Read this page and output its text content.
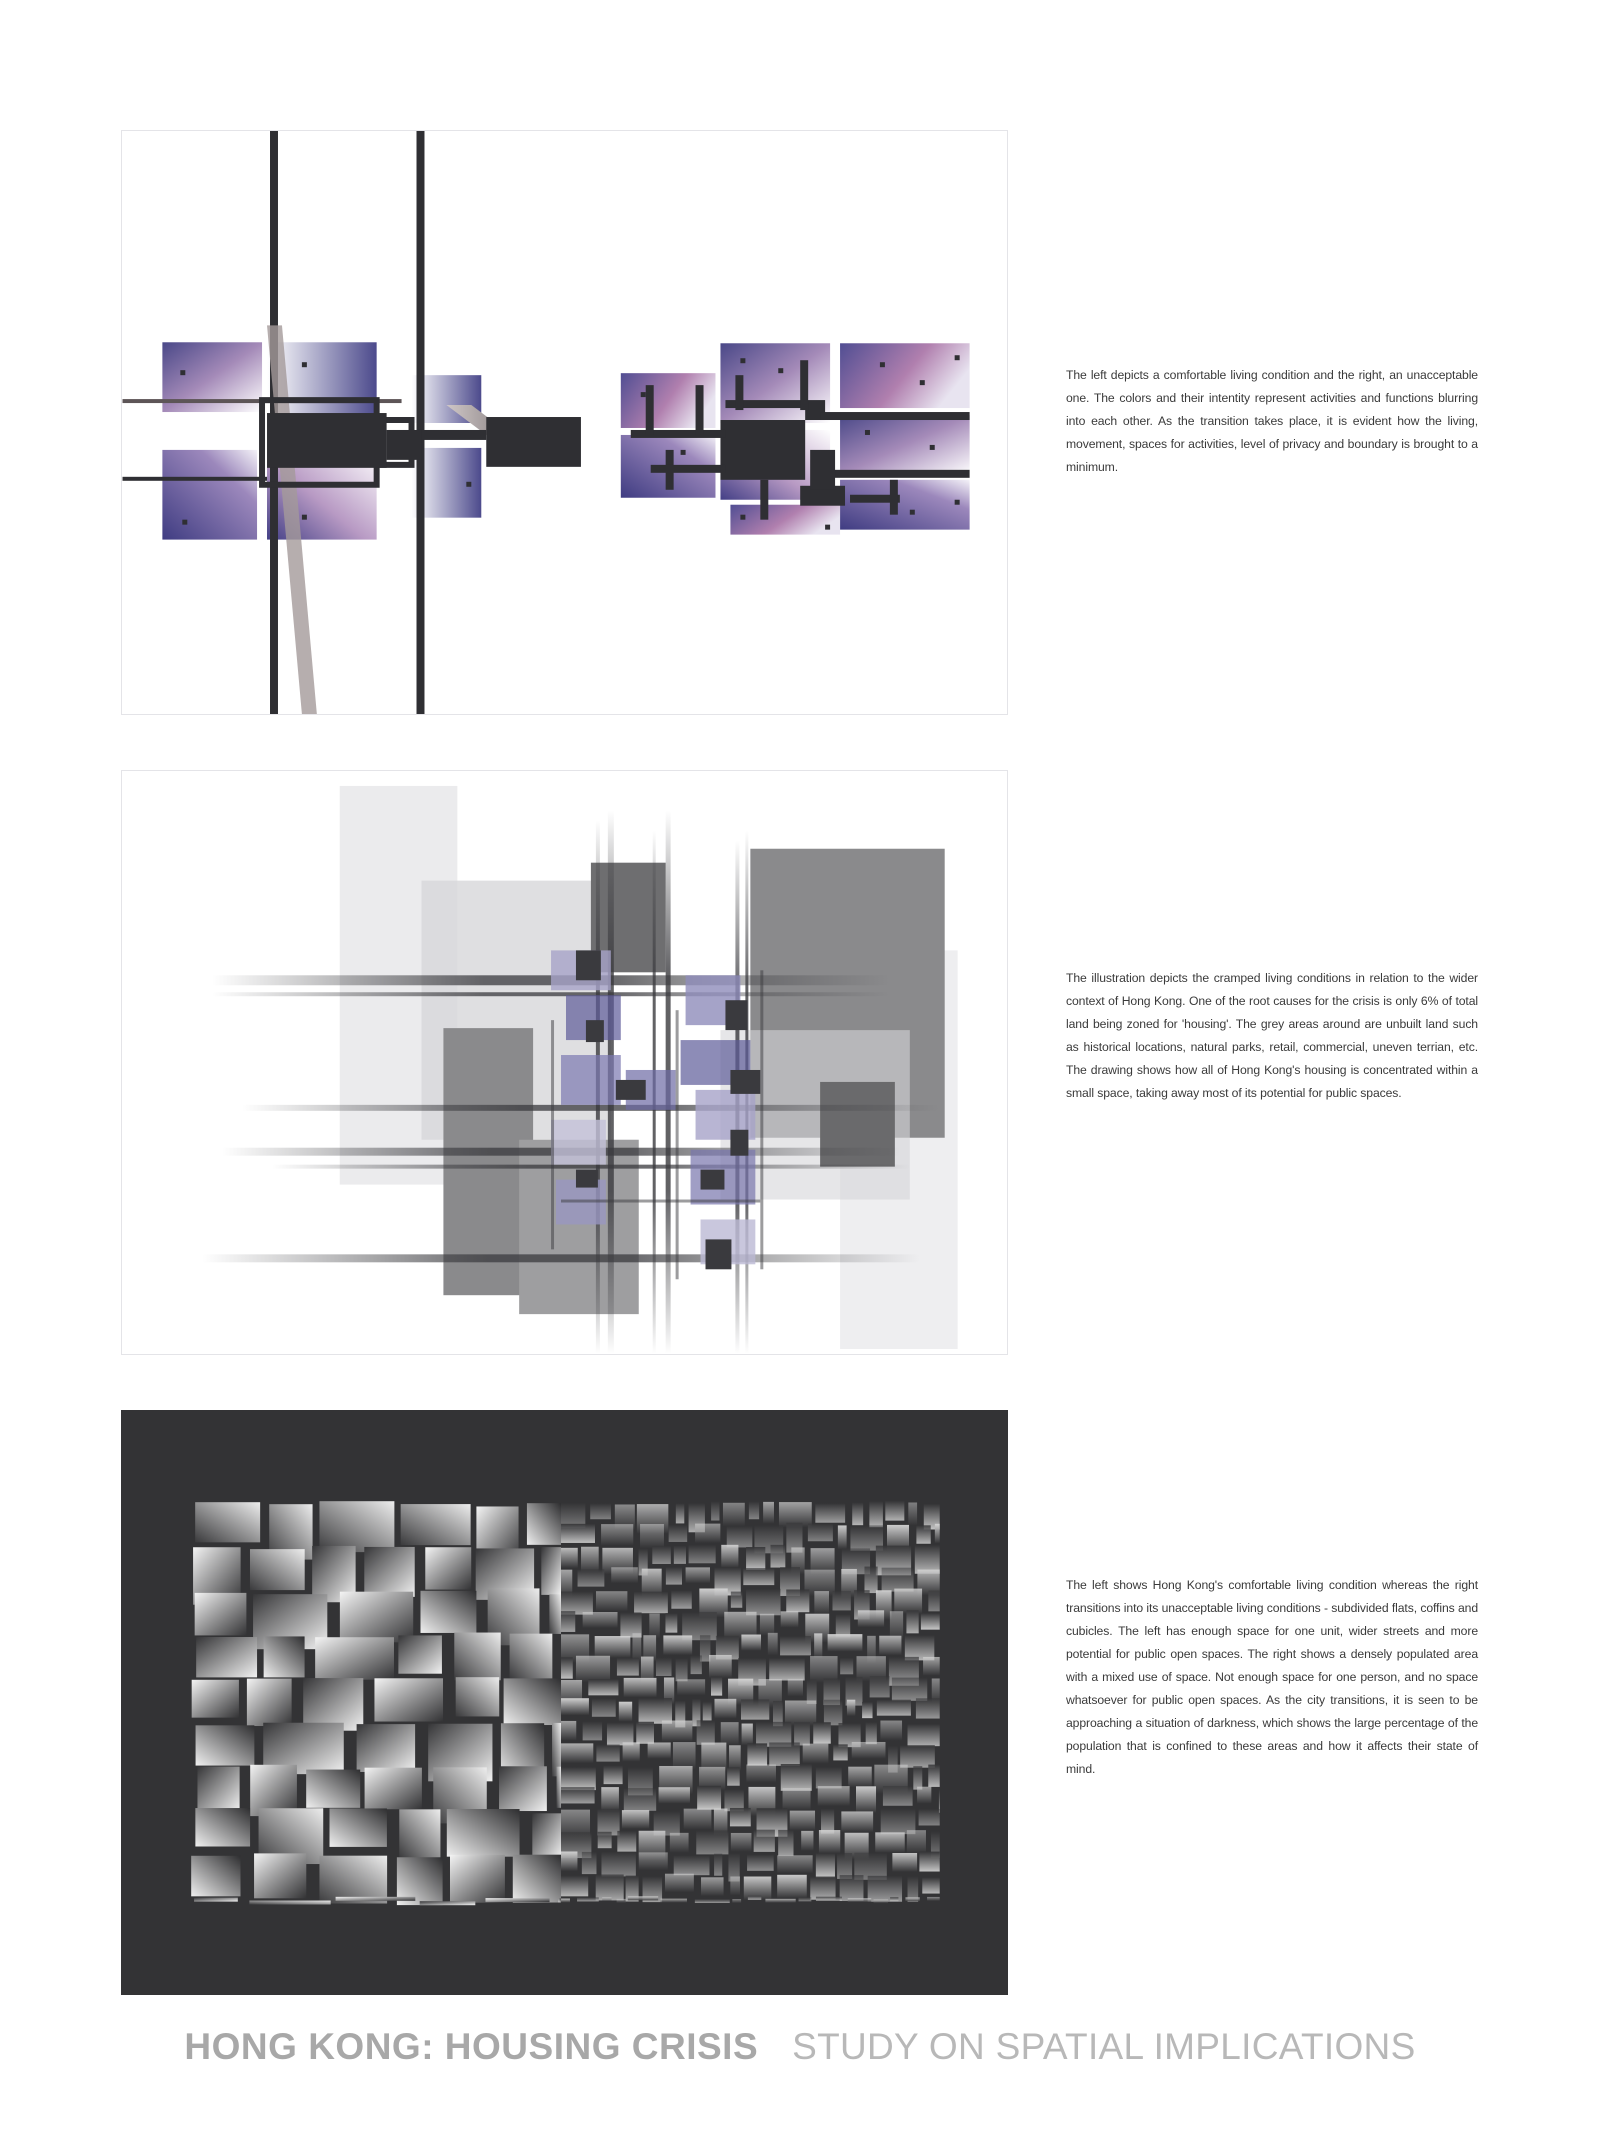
The left depicts a comfortable living condition and the right, an unacceptable one. The colors and their intentity represent activities and functions blurring into each other. As the transition takes place, it is evident how the living, movement, spaces for activities, level of privacy and boundary is brought to a minimum.

The illustration depicts the cramped living conditions in relation to the wider context of Hong Kong. One of the root causes for the crisis is only 6% of total land being zoned for 'housing'. The grey areas around are unbuilt land such as historical locations, natural parks, retail, commercial, uneven terrian, etc. The drawing shows how all of Hong Kong's housing is concentrated within a small space, taking away most of its potential for public spaces.

The left shows Hong Kong's comfortable living condition whereas the right transitions into its unacceptable living conditions - subdivided flats, coffins and cubicles. The left has enough space for one unit, wider streets and more potential for public open spaces. The right shows a densely populated area with a mixed use of space. Not enough space for one person, and no space whatsoever for public open spaces. As the city transitions, it is seen to be approaching a situation of darkness, which shows the large percentage of the population that is confined to these areas and how it affects their state of mind.

HONG KONG: HOUSING CRISIS STUDY ON SPATIAL IMPLICATIONS
